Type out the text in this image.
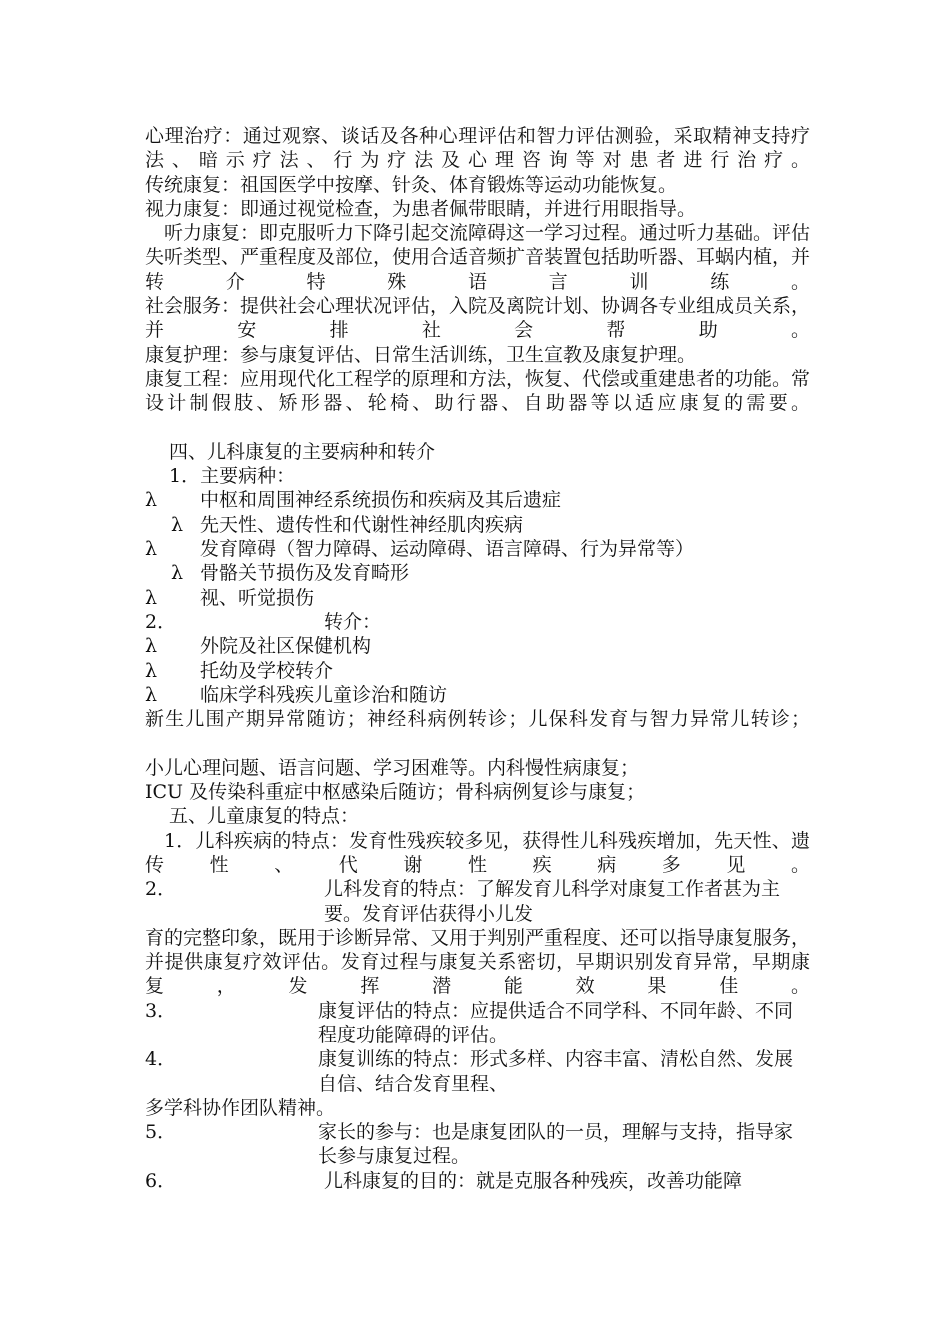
心理治疗：通过观察、谈话及各种心理评估和智力评估测验，采取精神支持疗法、暗示疗法、行为疗法及心理咨询等对患者进行治疗。

传统康复：祖国医学中按摩、针灸、体育锻炼等运动功能恢复。

视力康复：即通过视觉检查，为患者佩带眼睛，并进行用眼指导。

听力康复：即克服听力下降引起交流障碍这一学习过程。通过听力基础。评估失听类型、严重程度及部位，使用合适音频扩音装置包括助听器、耳蜗内植，并转介特殊语言训练。

社会服务：提供社会心理状况评估，入院及离院计划、协调各专业组成员关系，并安排社会帮助。

康复护理：参与康复评估、日常生活训练，卫生宣教及康复护理。

康复工程：应用现代化工程学的原理和方法，恢复、代偿或重建患者的功能。常设计制假肢、矫形器、轮椅、助行器、自助器等以适应康复的需要。

四、儿科康复的主要病种和转介

1．主要病种：

λ	中枢和周围神经系统损伤和疾病及其后遗症
λ 先天性、遗传性和代谢性神经肌肉疾病
λ	发育障碍（智力障碍、运动障碍、语言障碍、行为异常等）
λ 骨骼关节损伤及发育畸形
λ	视、听觉损伤
2．	转介：
λ	外院及社区保健机构
λ	托幼及学校转介
λ	临床学科残疾儿童诊治和随访

新生儿围产期异常随访；神经科病例转诊；儿保科发育与智力异常儿转诊；

小儿心理问题、语言问题、学习困难等。内科慢性病康复；

ICU 及传染科重症中枢感染后随访；骨科病例复诊与康复；

五、儿童康复的特点：

1．儿科疾病的特点：发育性残疾较多见，获得性儿科残疾增加，先天性、遗传性、代谢性疾病多见。

2．	儿科发育的特点：了解发育儿科学对康复工作者甚为主要。发育评估获得小儿发

育的完整印象，既用于诊断异常、又用于判别严重程度、还可以指导康复服务，并提供康复疗效评估。发育过程与康复关系密切，早期识别发育异常，早期康复，发挥潜能效果佳。

3．	康复评估的特点：应提供适合不同学科、不同年龄、不同程度功能障碍的评估。
4．	康复训练的特点：形式多样、内容丰富、清松自然、发展自信、结合发育里程、

多学科协作团队精神。

5．	家长的参与：也是康复团队的一员，理解与支持，指导家长参与康复过程。
6．	儿科康复的目的：就是克服各种残疾，改善功能障
